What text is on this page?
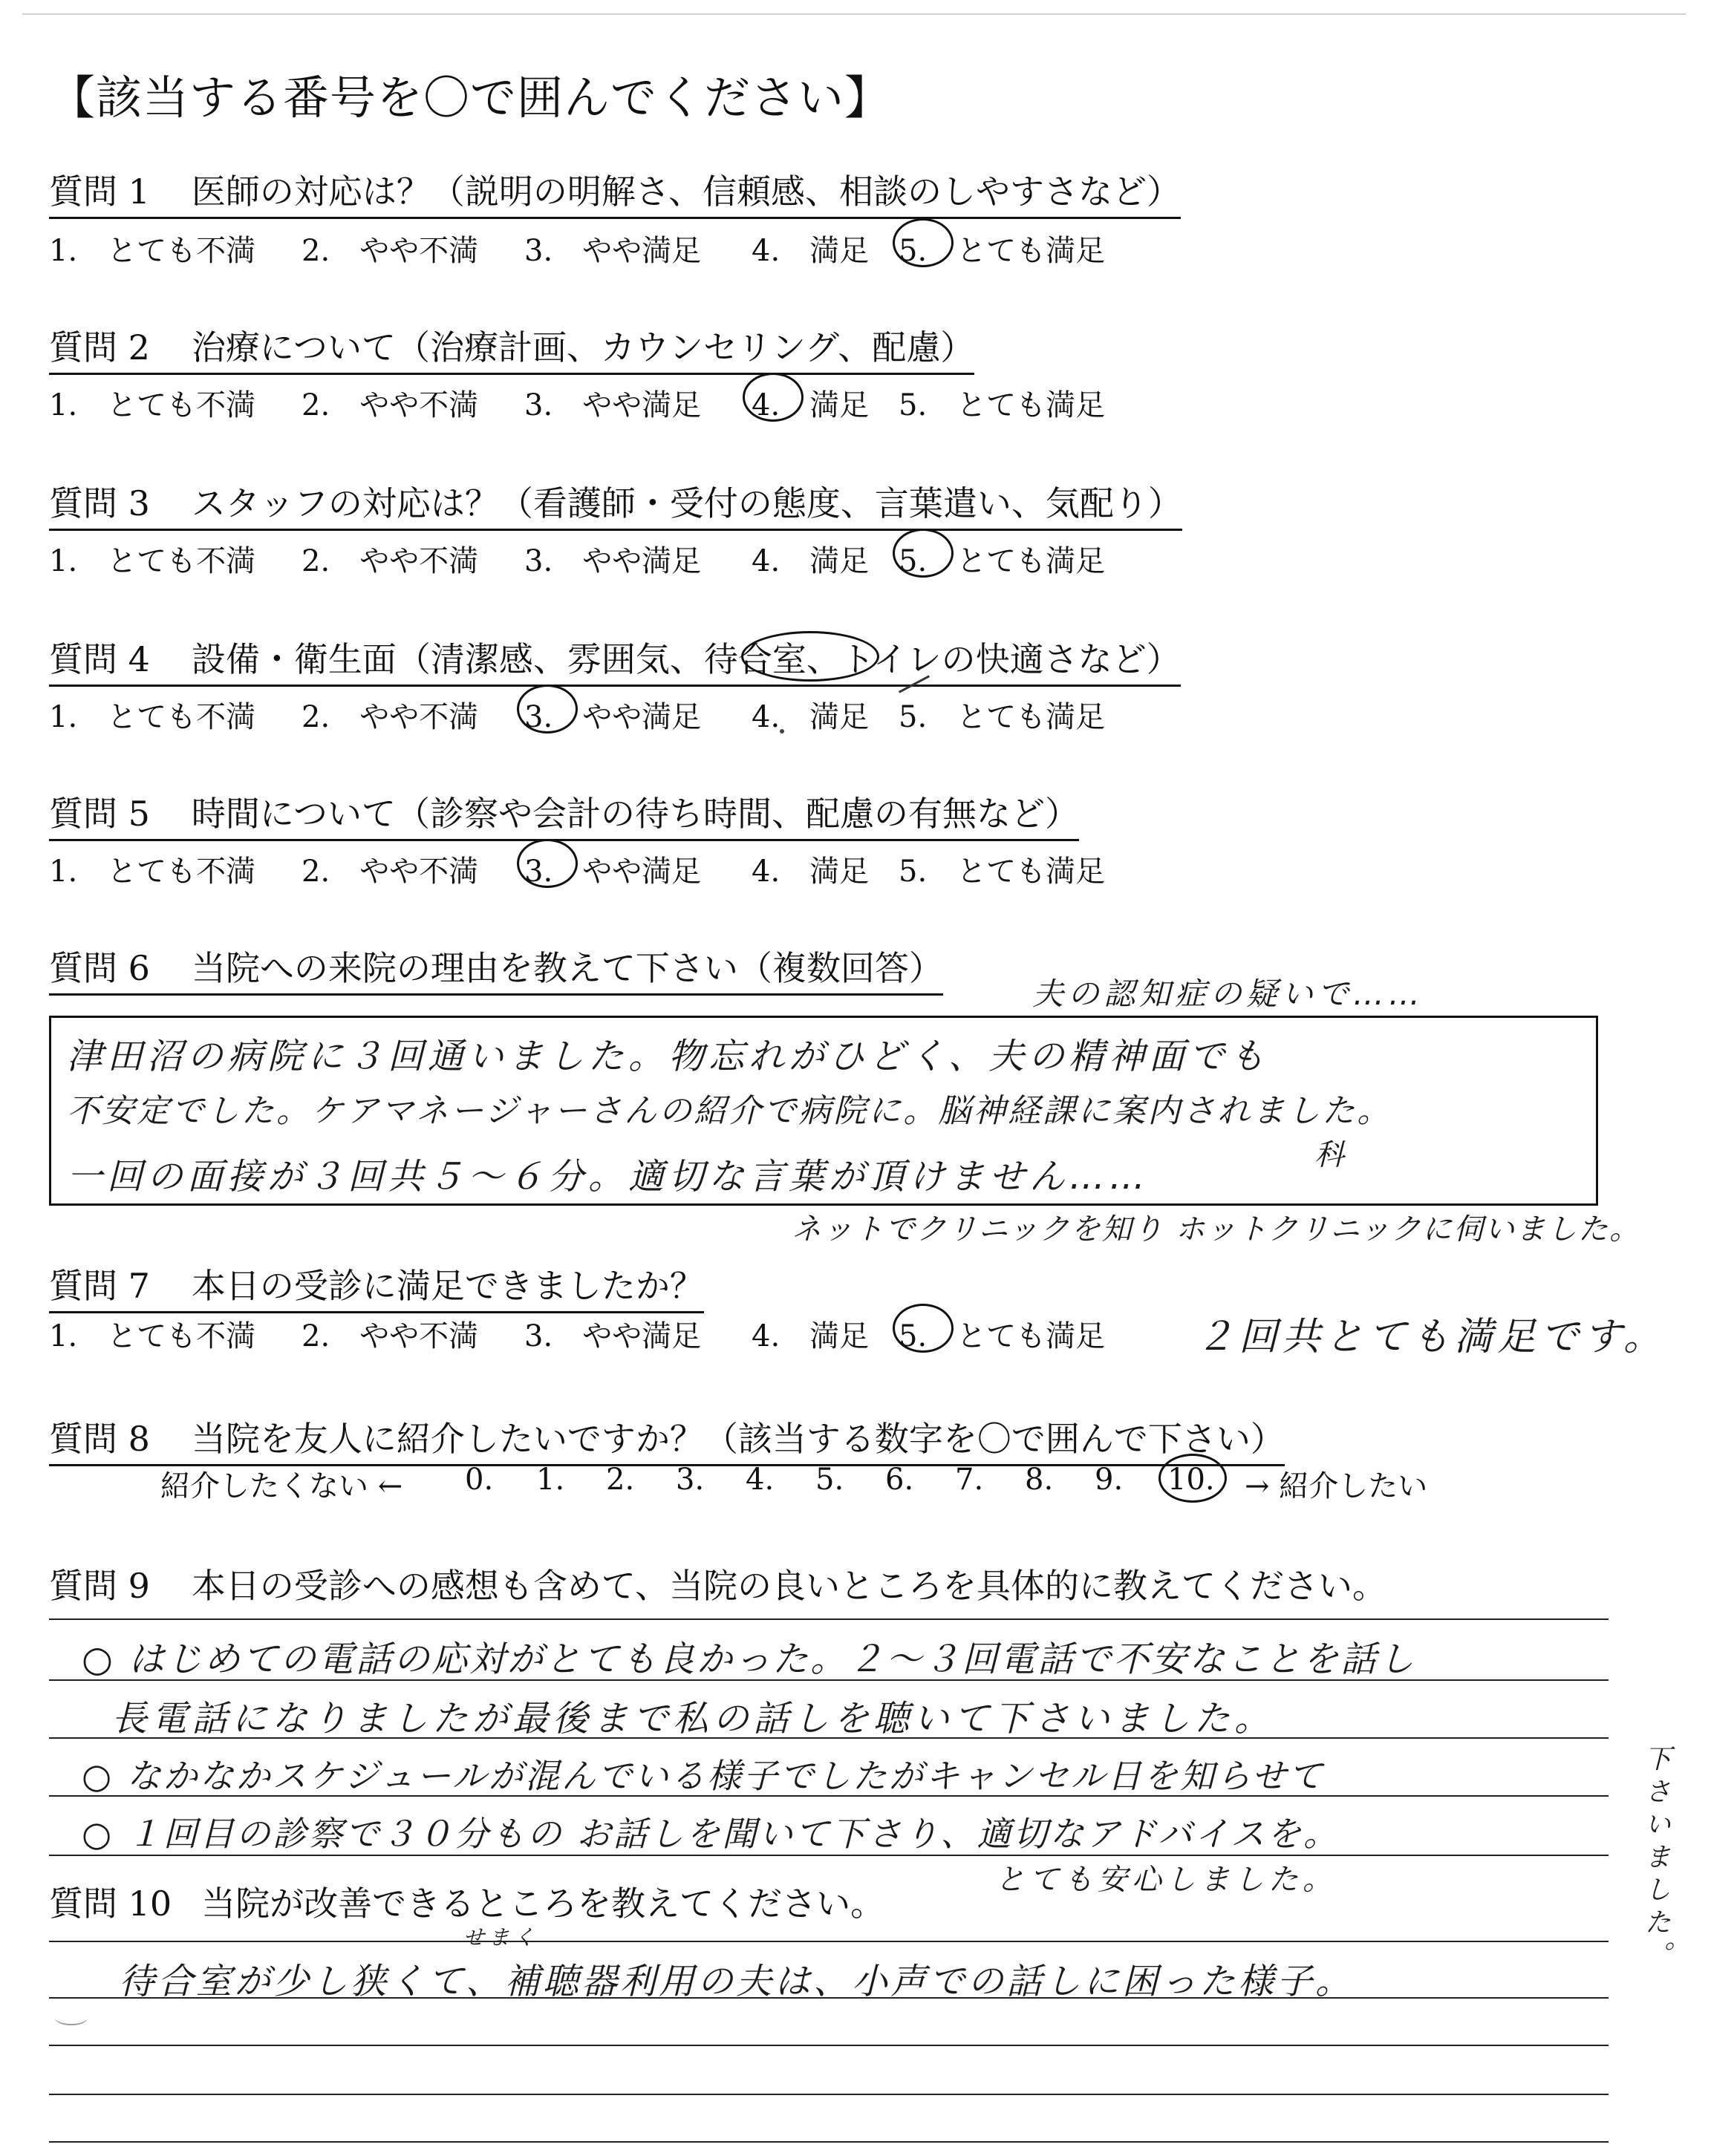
【該当する番号を〇で囲んでください】
質問 1 医師の対応は？（説明の明解さ、信頼感、相談のしやすさなど）
1.　とても不満 2.　やや不満 3.　やや満足 4.　満足 5.　とても満足
質問 2 治療について（治療計画、カウンセリング、配慮）
1.　とても不満 2.　やや不満 3.　やや満足 4.　満足 5.　とても満足
質問 3 スタッフの対応は？（看護師・受付の態度、言葉遣い、気配り）
1.　とても不満 2.　やや不満 3.　やや満足 4.　満足 5.　とても満足
質問 4 設備・衛生面（清潔感、雰囲気、待合室、トイレの快適さなど）
1.　とても不満 2.　やや不満 3.　やや満足 4.　満足 5.　とても満足
質問 5 時間について（診察や会計の待ち時間、配慮の有無など）
1.　とても不満 2.　やや不満 3.　やや満足 4.　満足 5.　とても満足
質問 6 当院への来院の理由を教えて下さい（複数回答）
夫の認知症の疑いで……
津田沼の病院に３回通いました。物忘れがひどく、夫の精神面でも
不安定でした。ケアマネージャーさんの紹介で病院に。脳神経課に案内されました。
科
一回の面接が３回共５〜６分。適切な言葉が頂けません……
ネットでクリニックを知り ホットクリニックに伺いました。
質問 7 本日の受診に満足できましたか？
1.　とても不満 2.　やや不満 3.　やや満足 4.　満足 5.　とても満足 ２回共とても満足です。
質問 8 当院を友人に紹介したいですか？（該当する数字を〇で囲んで下さい）
紹介したくない ← 0. 1. 2. 3. 4. 5. 6. 7. 8. 9. 10. → 紹介したい
質問 9 本日の受診への感想も含めて、当院の良いところを具体的に教えてください。
○ はじめての電話の応対がとても良かった。２〜３回電話で不安なことを話し
長電話になりましたが最後まで私の話しを聴いて下さいました。
○ なかなかスケジュールが混んでいる様子でしたがキャンセル日を知らせて
○ １回目の診察で３０分もの お話しを聞いて下さり、適切なアドバイスを。
とても安心しました。	下さいました。
質問 10 当院が改善できるところを教えてください。
せまく
待合室が少し狭くて、補聴器利用の夫は、小声での話しに困った様子。
